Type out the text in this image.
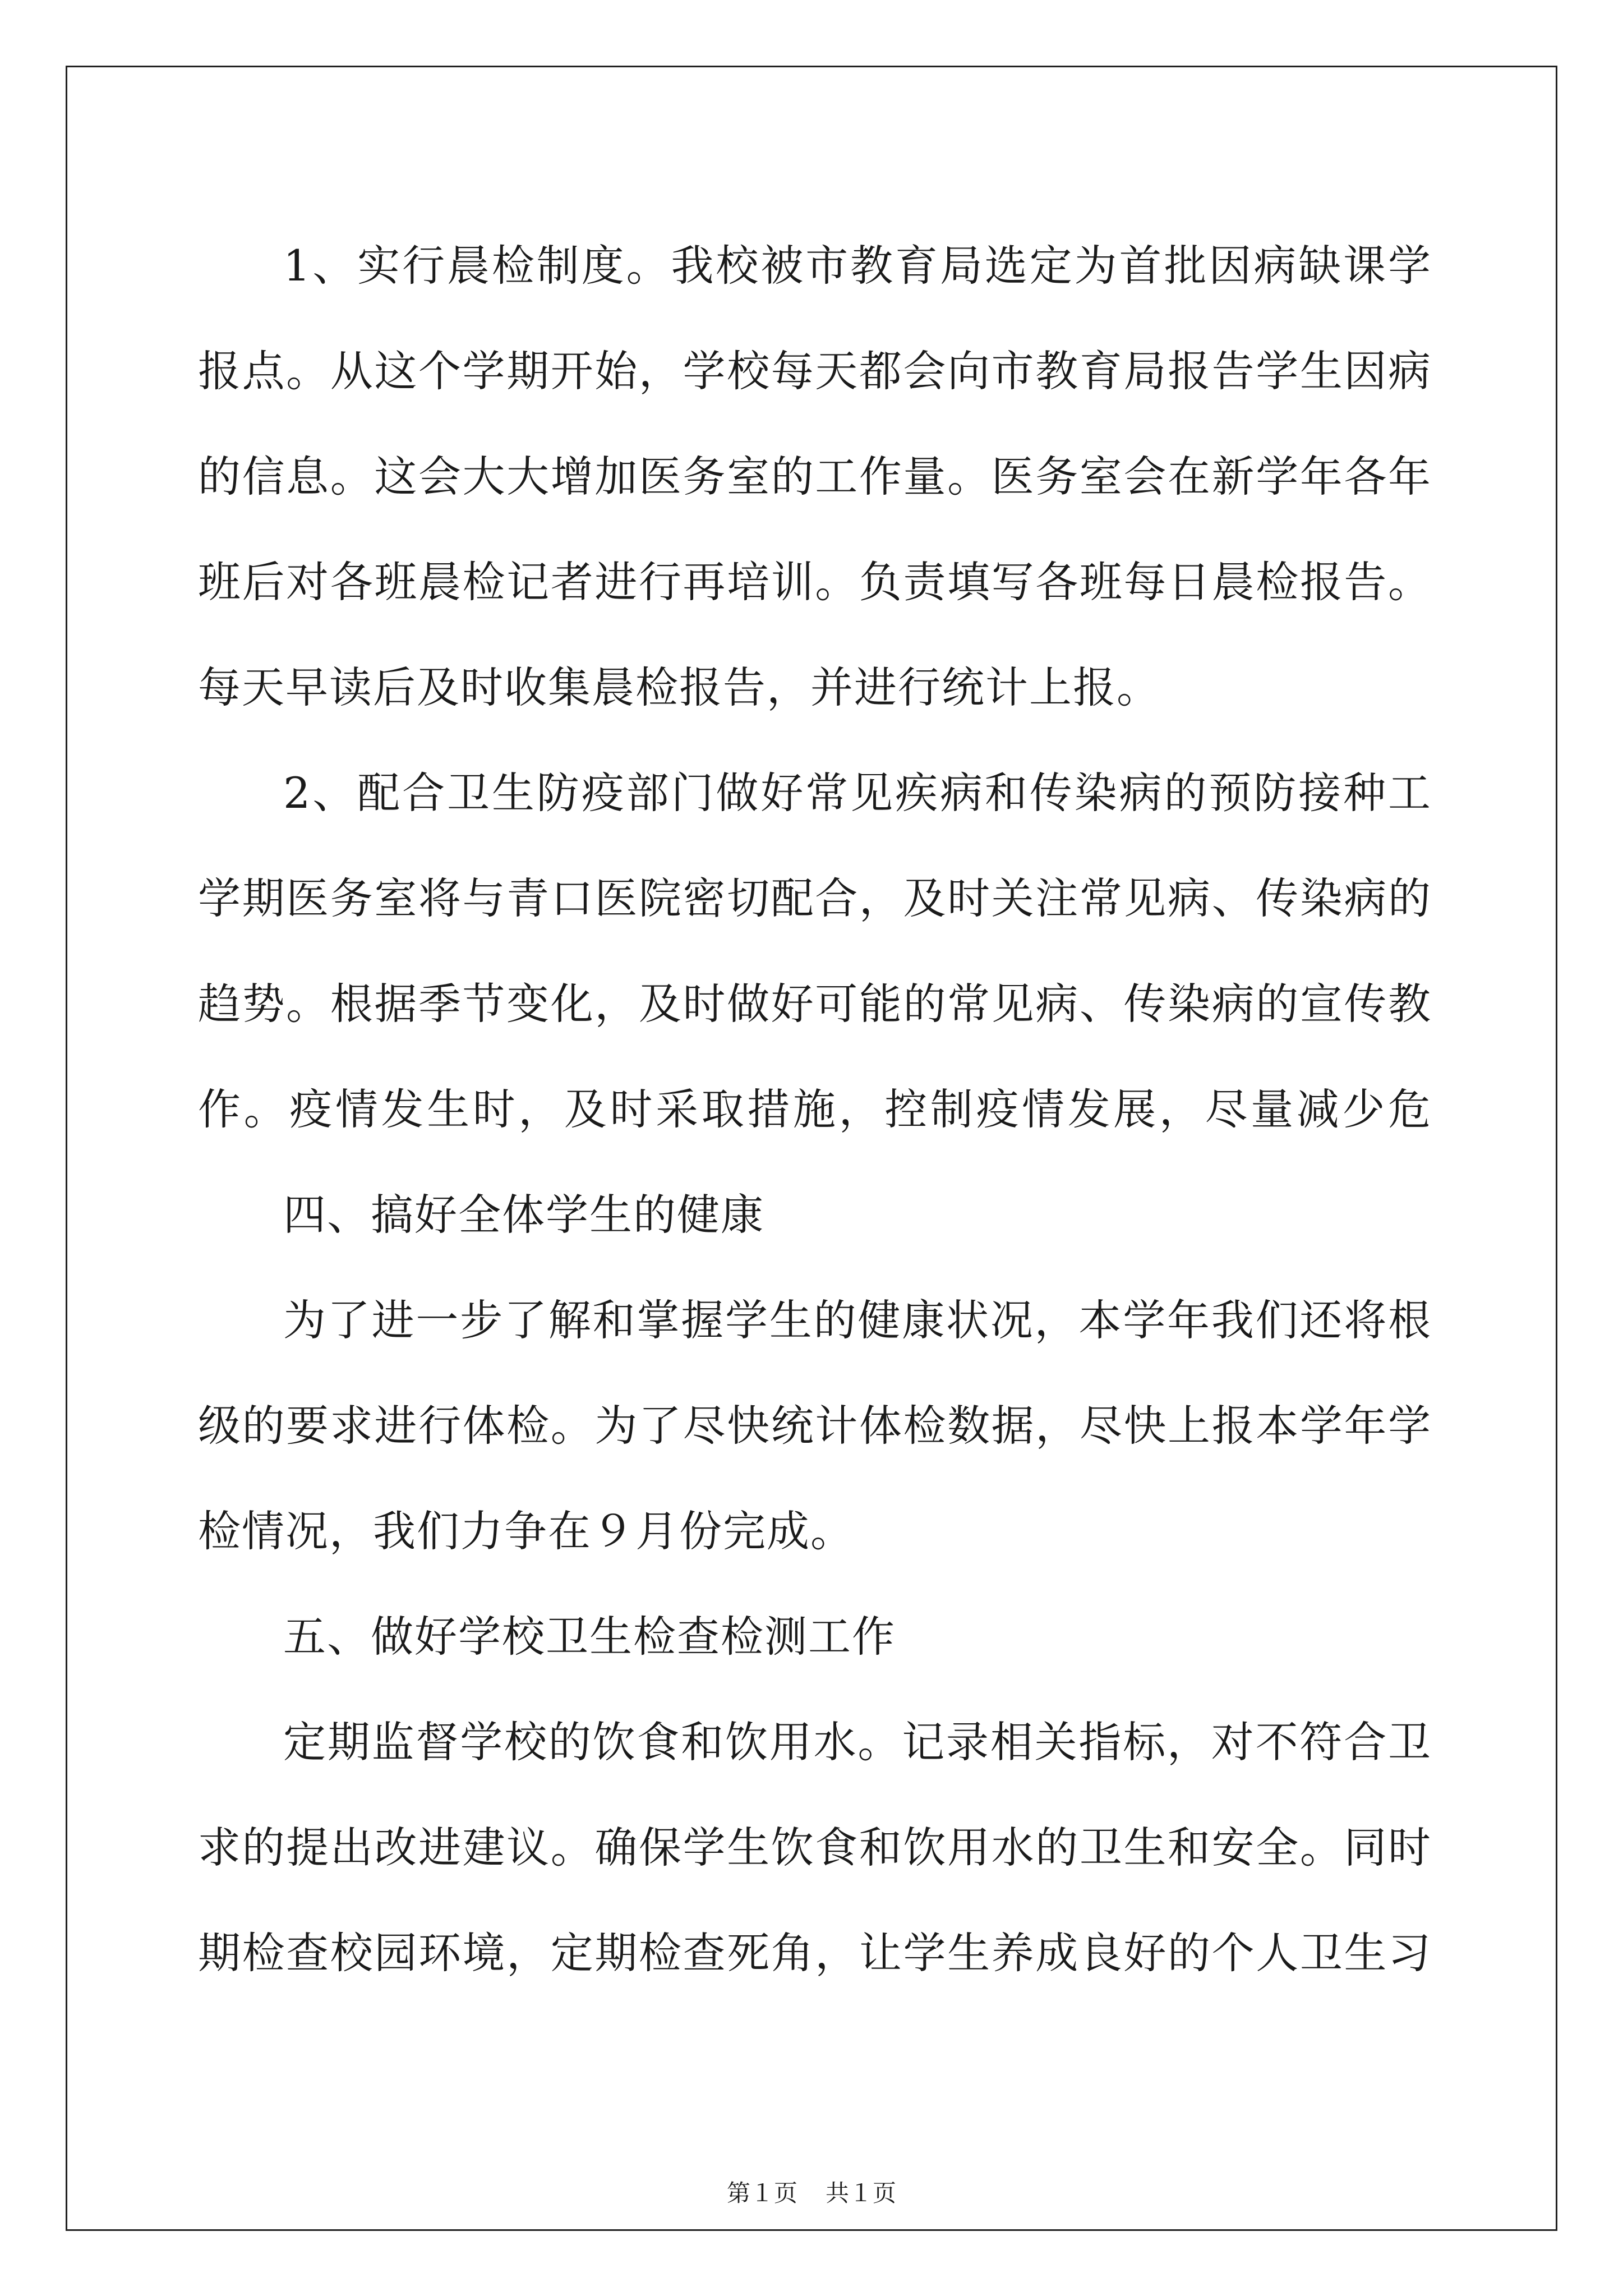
1、实行晨检制度。我校被市教育局选定为首批因病缺课学
报点。从这个学期开始，学校每天都会向市教育局报告学生因病
的信息。这会大大增加医务室的工作量。医务室会在新学年各年
班后对各班晨检记者进行再培训。负责填写各班每日晨检报告。
每天早读后及时收集晨检报告，并进行统计上报。
2、配合卫生防疫部门做好常见疾病和传染病的预防接种工
学期医务室将与青口医院密切配合，及时关注常见病、传染病的
趋势。根据季节变化，及时做好可能的常见病、传染病的宣传教
作。疫情发生时，及时采取措施，控制疫情发展，尽量减少危
四、搞好全体学生的健康
为了进一步了解和掌握学生的健康状况，本学年我们还将根
级的要求进行体检。为了尽快统计体检数据，尽快上报本学年学
检情况，我们力争在９月份完成。
五、做好学校卫生检查检测工作
定期监督学校的饮食和饮用水。记录相关指标，对不符合卫
求的提出改进建议。确保学生饮食和饮用水的卫生和安全。同时
期检查校园环境，定期检查死角，让学生养成良好的个人卫生习
第１页 共１页
